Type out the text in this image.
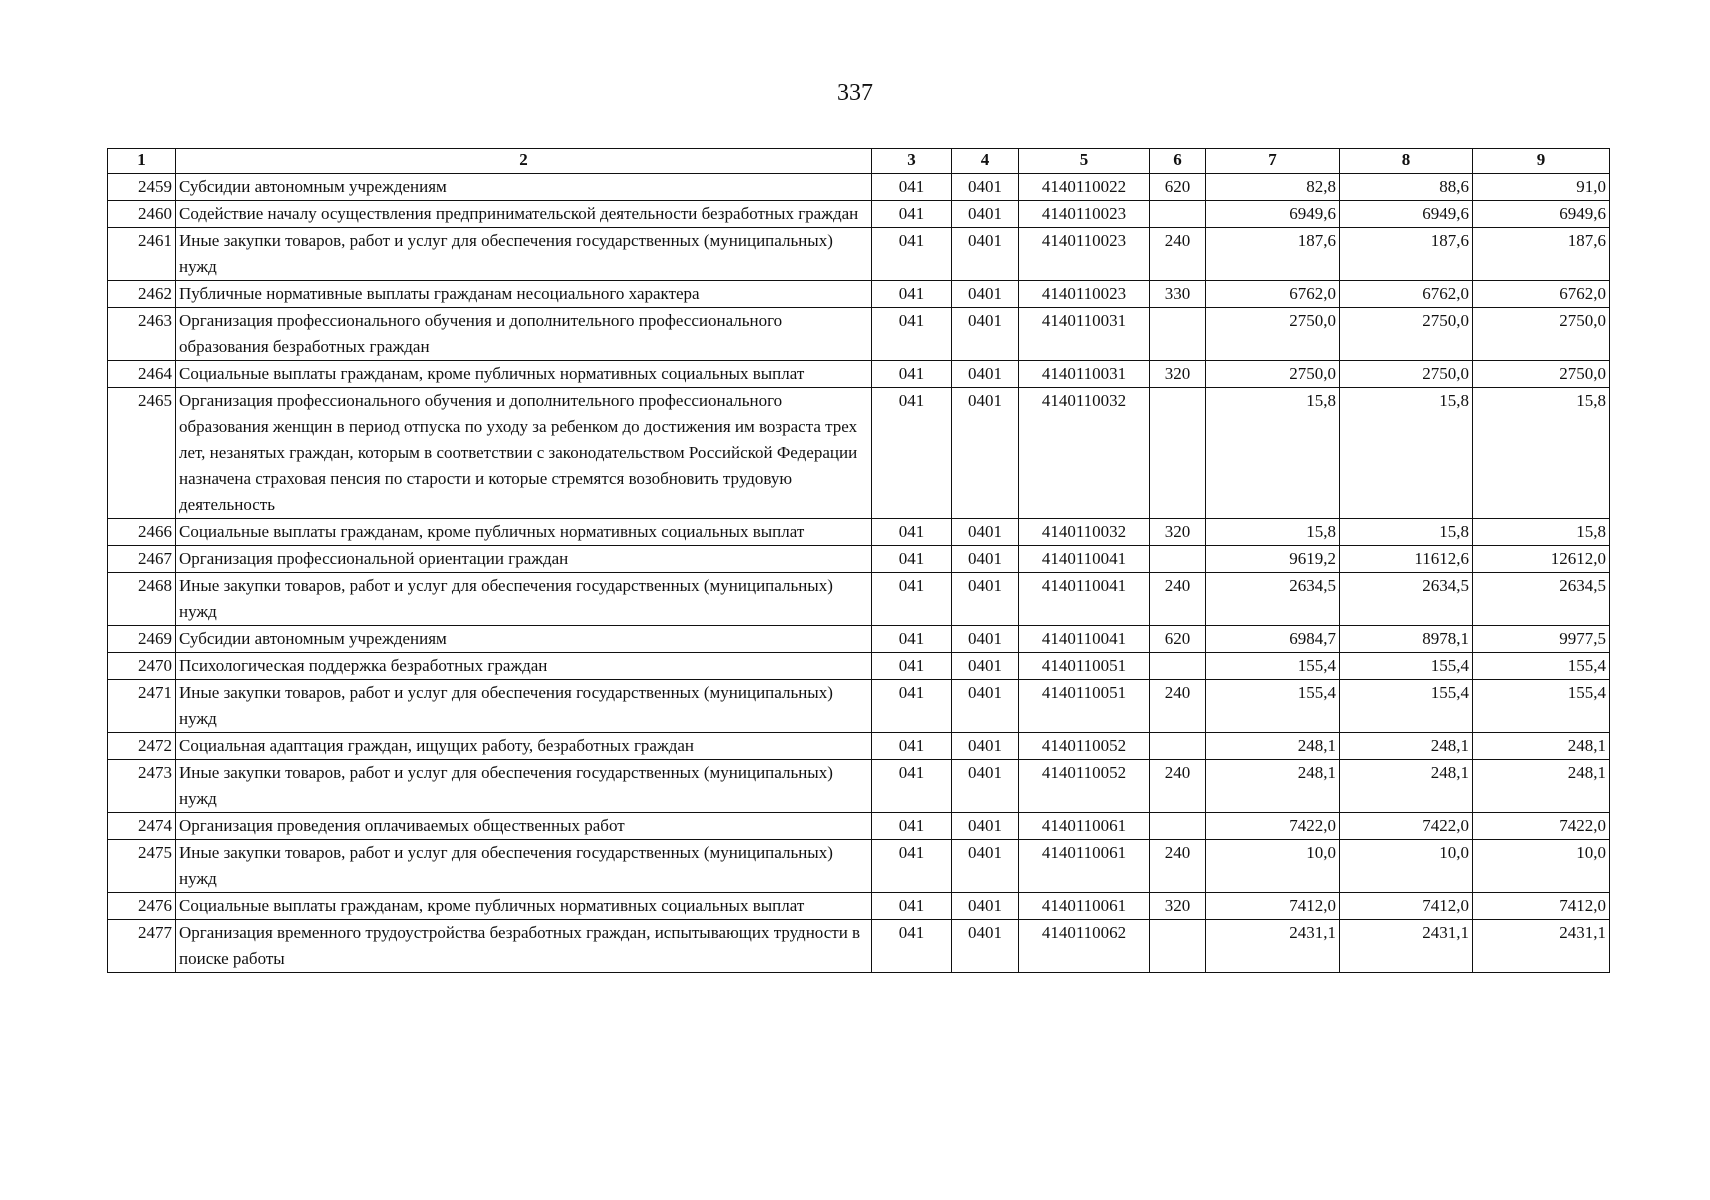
337
1	2	3	4	5	6	7	8	9
2459	Субсидии автономным учреждениям	041	0401	4140110022	620	82,8	88,6	91,0
2460	Содействие началу осуществления предпринимательской деятельности безработных граждан	041	0401	4140110023		6949,6	6949,6	6949,6
2461	Иные закупки товаров, работ и услуг для обеспечения государственных (муниципальных) нужд	041	0401	4140110023	240	187,6	187,6	187,6
2462	Публичные нормативные выплаты гражданам несоциального характера	041	0401	4140110023	330	6762,0	6762,0	6762,0
2463	Организация профессионального обучения и дополнительного профессионального образования безработных граждан	041	0401	4140110031		2750,0	2750,0	2750,0
2464	Социальные выплаты гражданам, кроме публичных нормативных социальных выплат	041	0401	4140110031	320	2750,0	2750,0	2750,0
2465	Организация профессионального обучения и дополнительного профессионального образования женщин в период отпуска по уходу за ребенком до достижения им возраста трех лет, незанятых граждан, которым в соответствии с законодательством Российской Федерации назначена страховая пенсия по старости и которые стремятся возобновить трудовую деятельность	041	0401	4140110032		15,8	15,8	15,8
2466	Социальные выплаты гражданам, кроме публичных нормативных социальных выплат	041	0401	4140110032	320	15,8	15,8	15,8
2467	Организация профессиональной ориентации граждан	041	0401	4140110041		9619,2	11612,6	12612,0
2468	Иные закупки товаров, работ и услуг для обеспечения государственных (муниципальных) нужд	041	0401	4140110041	240	2634,5	2634,5	2634,5
2469	Субсидии автономным учреждениям	041	0401	4140110041	620	6984,7	8978,1	9977,5
2470	Психологическая поддержка безработных граждан	041	0401	4140110051		155,4	155,4	155,4
2471	Иные закупки товаров, работ и услуг для обеспечения государственных (муниципальных) нужд	041	0401	4140110051	240	155,4	155,4	155,4
2472	Социальная адаптация граждан, ищущих работу, безработных граждан	041	0401	4140110052		248,1	248,1	248,1
2473	Иные закупки товаров, работ и услуг для обеспечения государственных (муниципальных) нужд	041	0401	4140110052	240	248,1	248,1	248,1
2474	Организация проведения оплачиваемых общественных работ	041	0401	4140110061		7422,0	7422,0	7422,0
2475	Иные закупки товаров, работ и услуг для обеспечения государственных (муниципальных) нужд	041	0401	4140110061	240	10,0	10,0	10,0
2476	Социальные выплаты гражданам, кроме публичных нормативных социальных выплат	041	0401	4140110061	320	7412,0	7412,0	7412,0
2477	Организация временного трудоустройства безработных граждан, испытывающих трудности в поиске работы	041	0401	4140110062		2431,1	2431,1	2431,1
